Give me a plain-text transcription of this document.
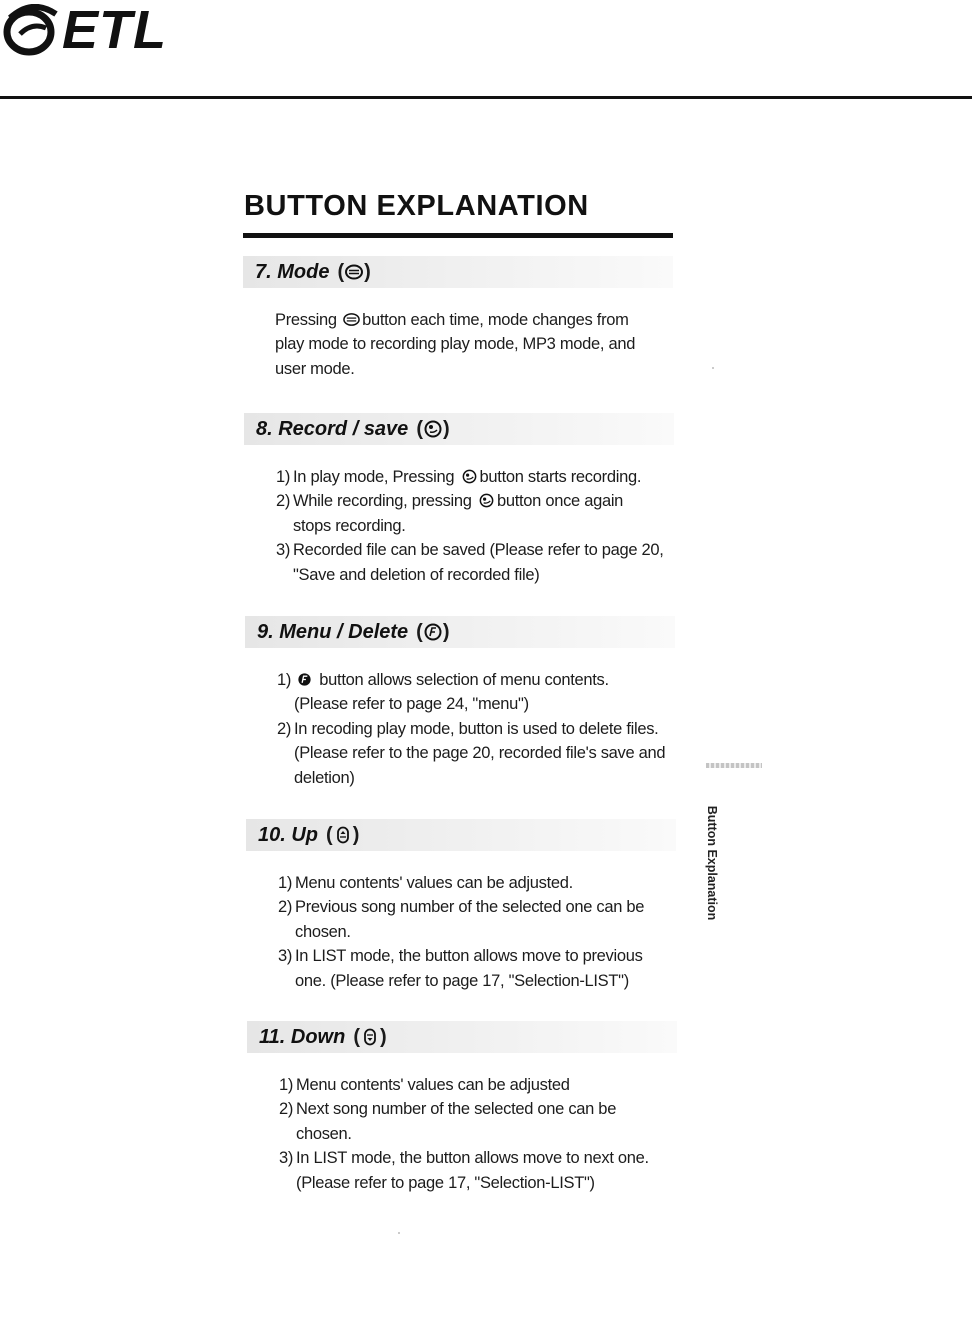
ETL
BUTTON EXPLANATION
7. Mode ( )
Pressing button each time, mode changes from
play mode to recording play mode, MP3 mode, and
user mode.
8. Record / save ( )
1) In play mode, Pressing button starts recording.
2) While recording, pressing button once again
stops recording.
3) Recorded file can be saved (Please refer to page 20,
"Save and deletion of recorded file)
9. Menu / Delete ( )
1)	button allows selection of menu contents.
(Please refer to page 24, "menu")
2) In recoding play mode, button is used to delete files.
(Please refer to the page 20, recorded file's save and
deletion)
10. Up ( )
1) Menu contents' values can be adjusted.
2) Previous song number of the selected one can be
chosen.
3) In LIST mode, the button allows move to previous
one. (Please refer to page 17, "Selection-LIST")
11. Down ( )
1) Menu contents' values can be adjusted
2) Next song number of the selected one can be
chosen.
3) In LIST mode, the button allows move to next one.
(Please refer to page 17, "Selection-LIST")
Button Explanation
